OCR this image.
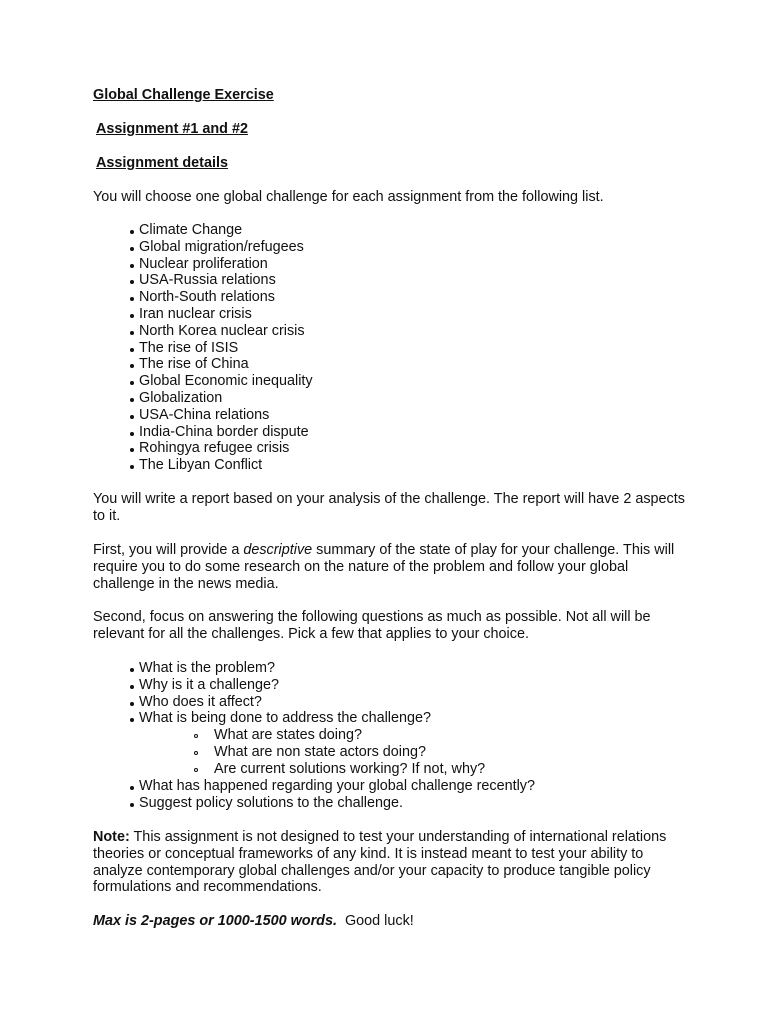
Global Challenge Exercise
Assignment #1 and #2
Assignment details

You will choose one global challenge for each assignment from the following list.

Climate Change
Global migration/refugees
Nuclear proliferation
USA-Russia relations
North-South relations
Iran nuclear crisis
North Korea nuclear crisis
The rise of ISIS
The rise of China
Global Economic inequality
Globalization
USA-China relations
India-China border dispute
Rohingya refugee crisis
The Libyan Conflict

You will write a report based on your analysis of the challenge. The report will have 2 aspects to it.

First, you will provide a descriptive summary of the state of play for your challenge. This will require you to do some research on the nature of the problem and follow your global challenge in the news media.

Second, focus on answering the following questions as much as possible. Not all will be relevant for all the challenges. Pick a few that applies to your choice.

What is the problem?
Why is it a challenge?
Who does it affect?
What is being done to address the challenge?
What are states doing?
What are non state actors doing?
Are current solutions working? If not, why?
What has happened regarding your global challenge recently?
Suggest policy solutions to the challenge.

Note: This assignment is not designed to test your understanding of international relations theories or conceptual frameworks of any kind. It is instead meant to test your ability to analyze contemporary global challenges and/or your capacity to produce tangible policy formulations and recommendations.

Max is 2-pages or 1000-1500 words.  Good luck!
